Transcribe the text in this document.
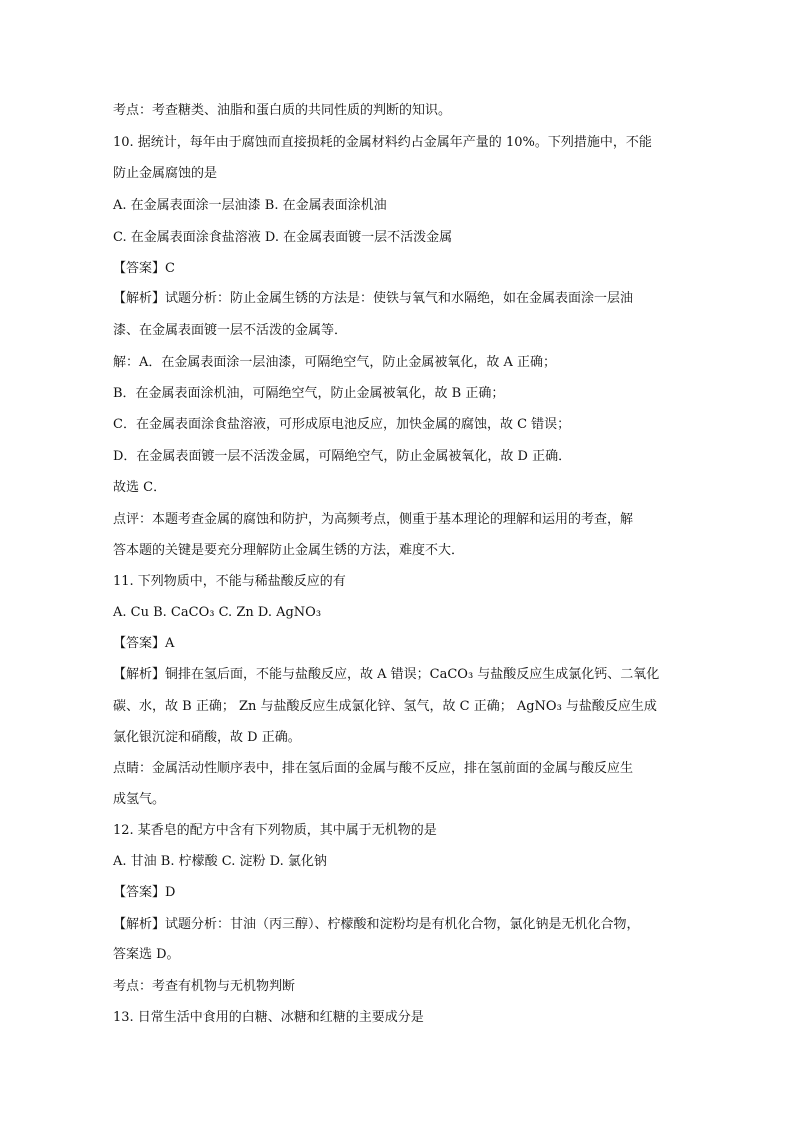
考点：考查糖类、油脂和蛋白质的共同性质的判断的知识。
10. 据统计，每年由于腐蚀而直接损耗的金属材料约占金属年产量的 10%。下列措施中，不能
防止金属腐蚀的是
A. 在金属表面涂一层油漆 B. 在金属表面涂机油
C. 在金属表面涂食盐溶液 D. 在金属表面镀一层不活泼金属
【答案】C
【解析】试题分析：防止金属生锈的方法是：使铁与氧气和水隔绝，如在金属表面涂一层油
漆、在金属表面镀一层不活泼的金属等．
解：A．在金属表面涂一层油漆，可隔绝空气，防止金属被氧化，故 A 正确；
B．在金属表面涂机油，可隔绝空气，防止金属被氧化，故 B 正确；
C．在金属表面涂食盐溶液，可形成原电池反应，加快金属的腐蚀，故 C 错误；
D．在金属表面镀一层不活泼金属，可隔绝空气，防止金属被氧化，故 D 正确．
故选 C．
点评：本题考查金属的腐蚀和防护，为高频考点，侧重于基本理论的理解和运用的考查，解
答本题的关键是要充分理解防止金属生锈的方法，难度不大．
11. 下列物质中，不能与稀盐酸反应的有
A. Cu B. CaCO₃ C. Zn D. AgNO₃
【答案】A
【解析】铜排在氢后面，不能与盐酸反应，故 A 错误；CaCO₃ 与盐酸反应生成氯化钙、二氧化
碳、水，故 B 正确； Zn 与盐酸反应生成氯化锌、氢气，故 C 正确； AgNO₃ 与盐酸反应生成
氯化银沉淀和硝酸，故 D 正确。
点睛：金属活动性顺序表中，排在氢后面的金属与酸不反应，排在氢前面的金属与酸反应生
成氢气。
12. 某香皂的配方中含有下列物质，其中属于无机物的是
A. 甘油 B. 柠檬酸 C. 淀粉 D. 氯化钠
【答案】D
【解析】试题分析：甘油（丙三醇）、柠檬酸和淀粉均是有机化合物，氯化钠是无机化合物，
答案选 D。
考点：考查有机物与无机物判断
13. 日常生活中食用的白糖、冰糖和红糖的主要成分是
